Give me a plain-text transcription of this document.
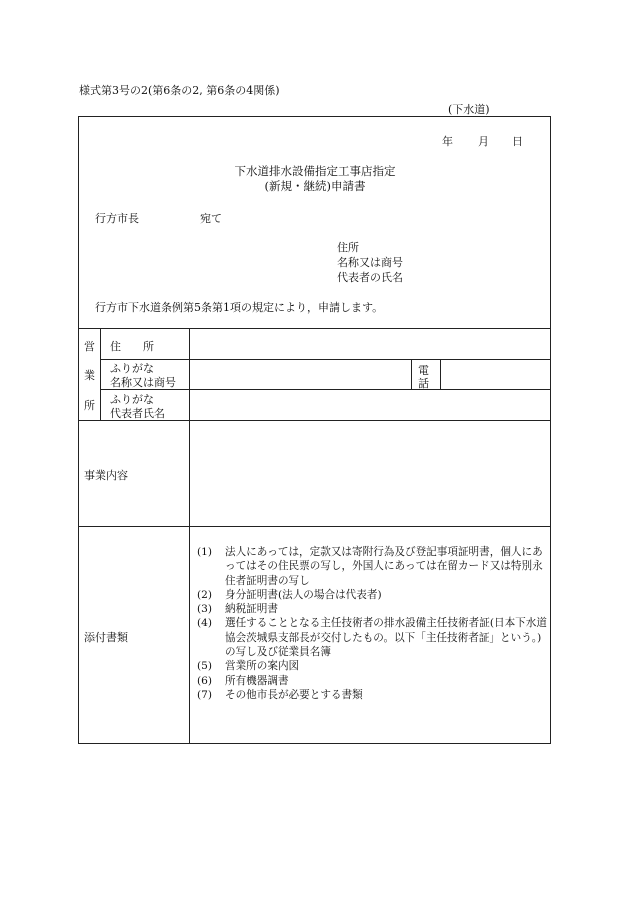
様式第3号の2(第6条の2, 第6条の4関係)
(下水道)
年 月 日
下水道排水設備指定工事店指定
(新規・継続)申請書
行方市長	宛て
住所
名称又は商号
代表者の氏名
行方市下水道条例第5条第1項の規定により，申請します。
営
業
所
住　　所
ふりがな
名称又は商号
電
話
ふりがな
代表者氏名
事業内容
添付書類
(1) 法人にあっては，定款又は寄附行為及び登記事項証明書，個人にあってはその住民票の写し，外国人にあっては在留カード又は特別永住者証明書の写し
(2) 身分証明書(法人の場合は代表者)
(3) 納税証明書
(4) 選任することとなる主任技術者の排水設備主任技術者証(日本下水道協会茨城県支部長が交付したもの。以下「主任技術者証」という。)の写し及び従業員名簿
(5) 営業所の案内図
(6) 所有機器調書
(7) その他市長が必要とする書類
